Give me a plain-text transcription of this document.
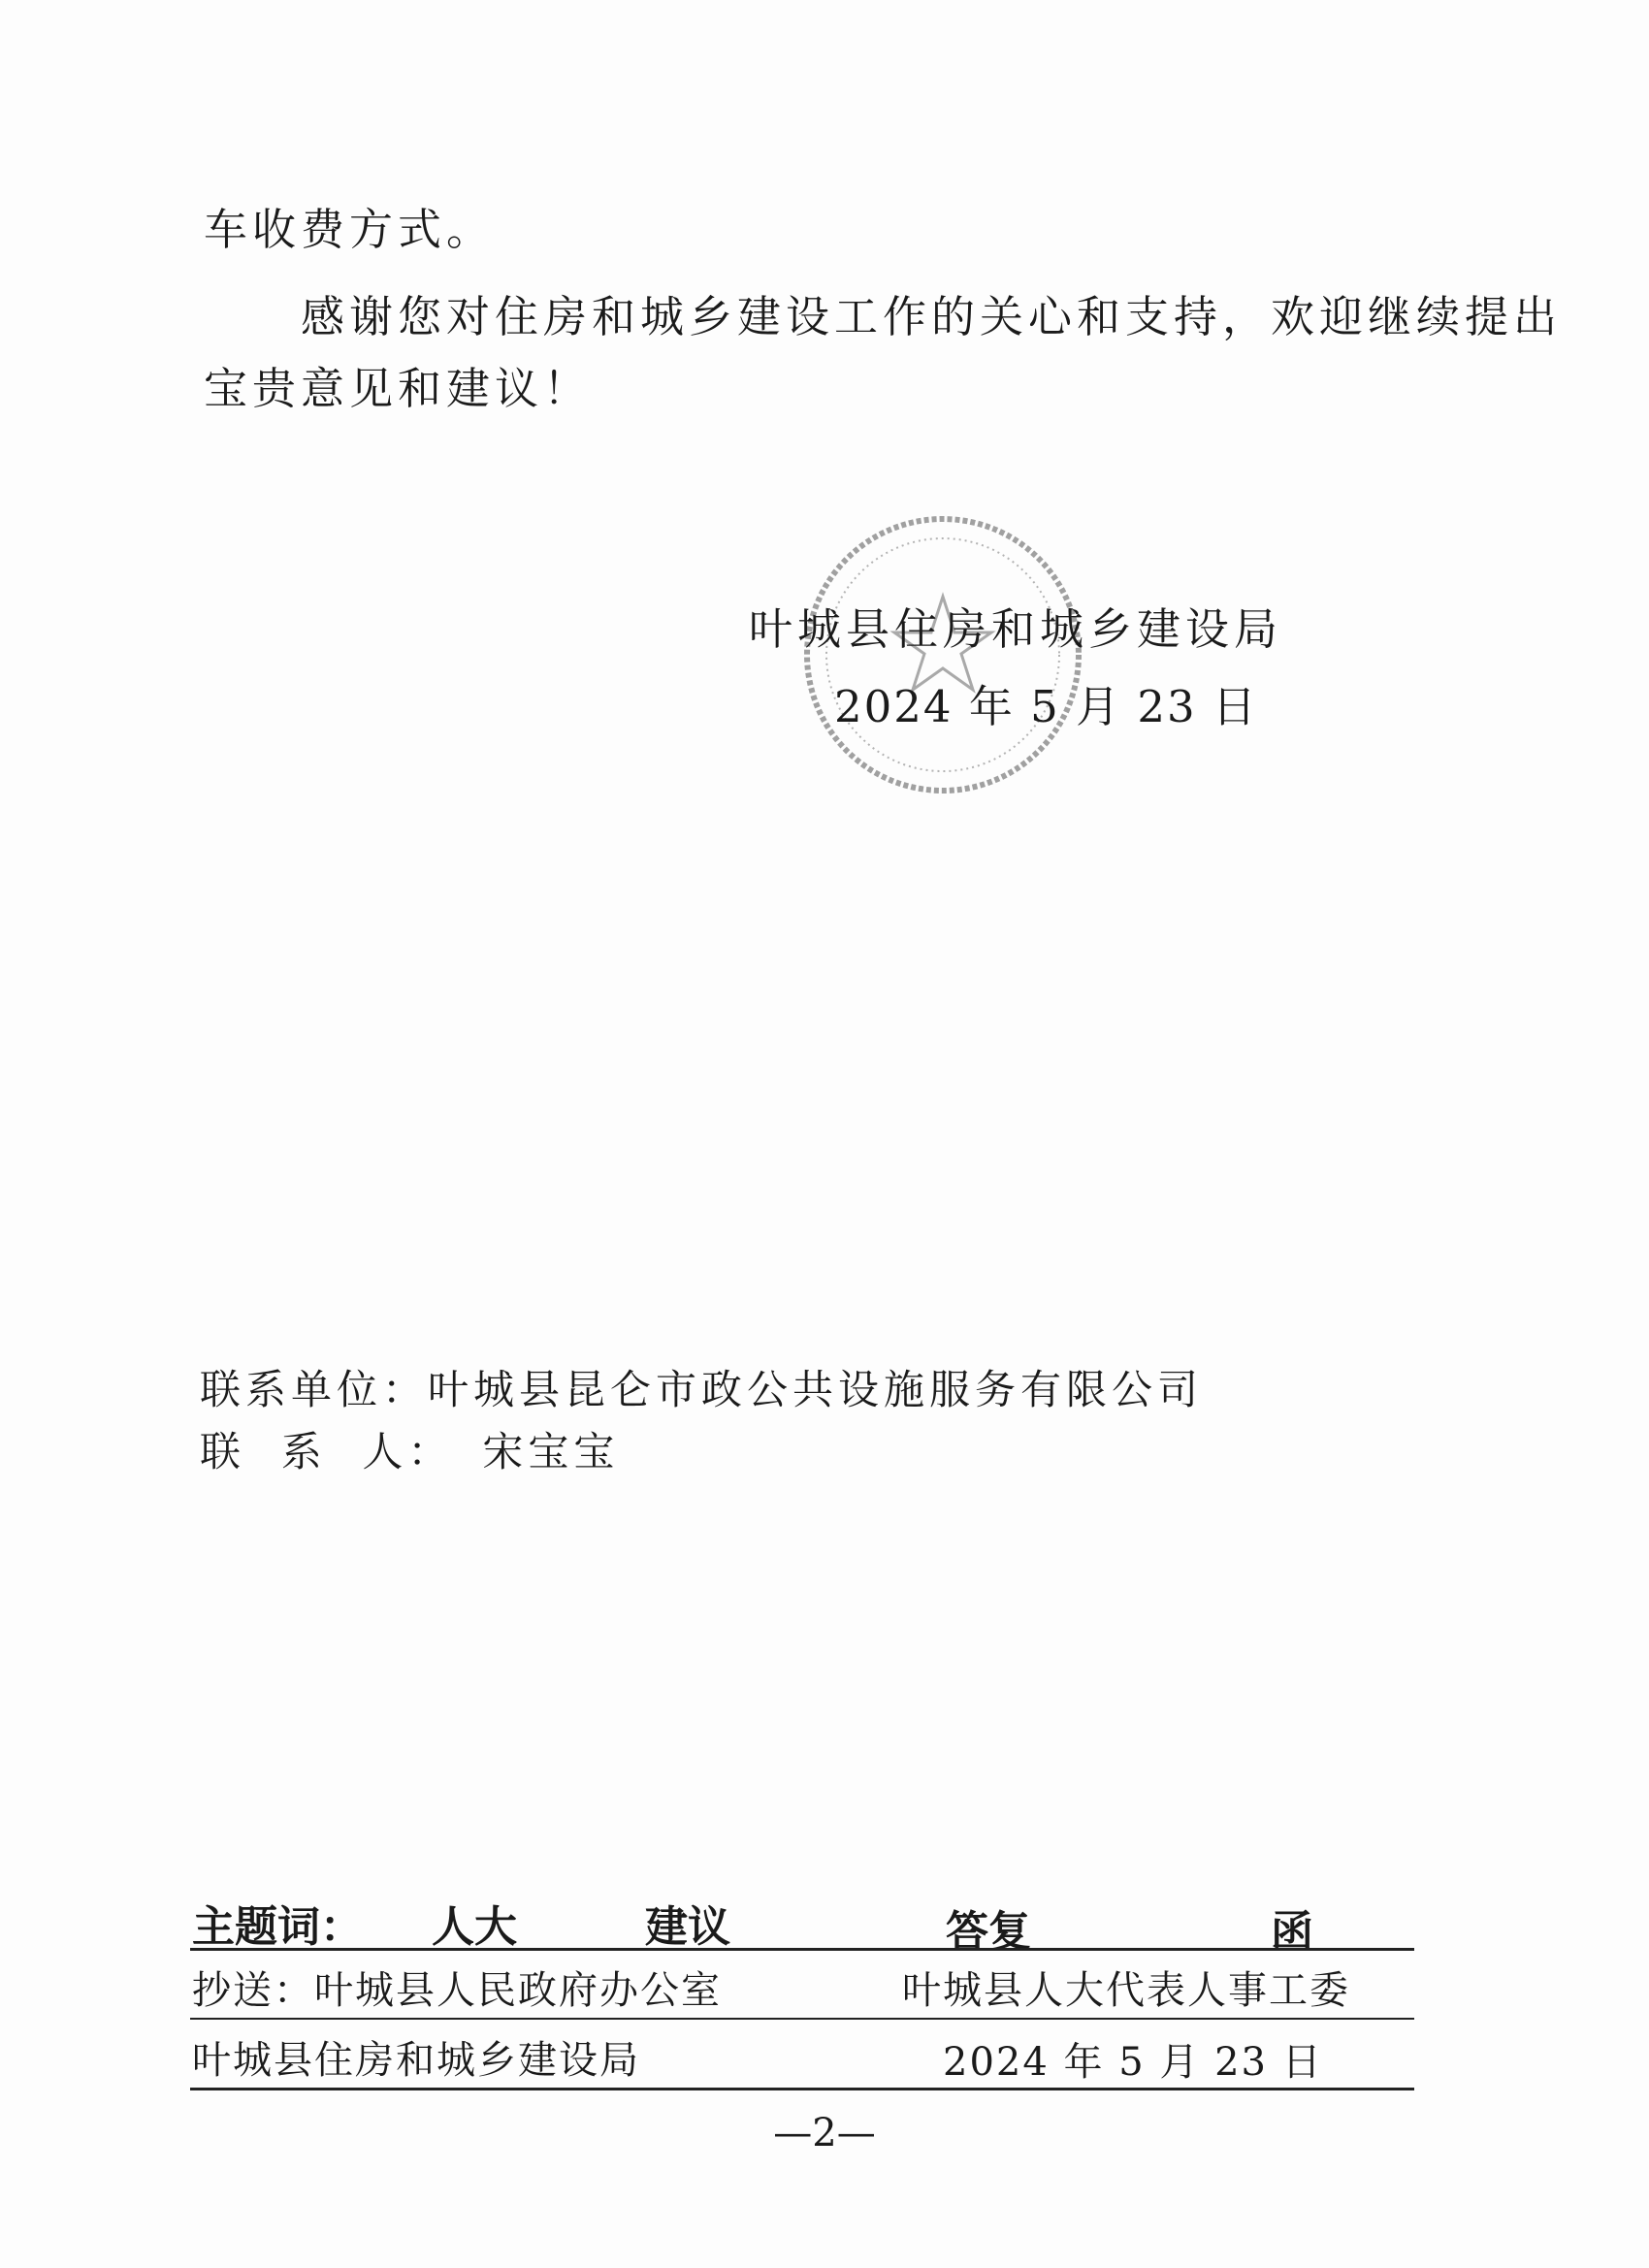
车收费方式。
感谢您对住房和城乡建设工作的关心和支持，欢迎继续提出
宝贵意见和建议！
叶城县住房和城乡建设局
2024 年 5 月 23 日
联系单位：叶城县昆仑市政公共设施服务有限公司
联  系  人： 宋宝宝
主题词： 人大	建议	答复	函
抄送：叶城县人民政府办公室	叶城县人大代表人事工委
叶城县住房和城乡建设局	2024 年 5 月 23 日
—2—
